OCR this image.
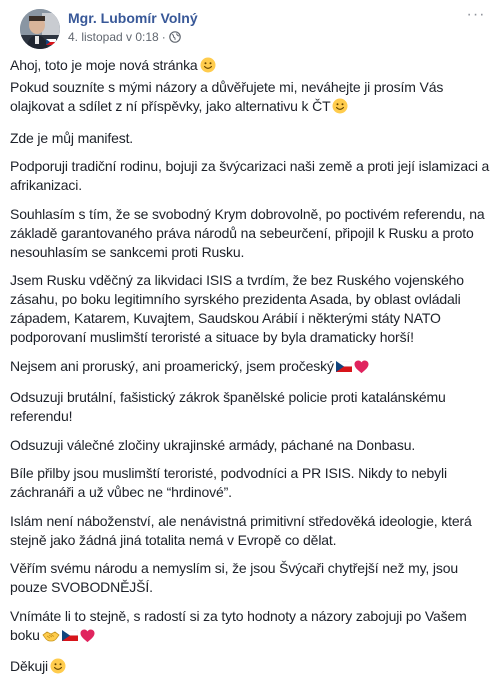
Mgr. Lubomír Volný
4. listopad v 0:18 ·
···

Ahoj, toto je moje nová stránka
Pokud souzníte s mými názory a důvěřujete mi, neváhejte ji prosím Vás olajkovat a sdílet z ní příspěvky, jako alternativu k ČT

Zde je můj manifest.

Podporuji tradiční rodinu, bojuji za švýcarizaci naši země a proti její islamizaci a afrikanizaci.

Souhlasím s tím, že se svobodný Krym dobrovolně, po poctivém referendu, na základě garantovaného práva národů na sebeurčení, připojil k Rusku a proto nesouhlasím se sankcemi proti Rusku.

Jsem Rusku vděčný za likvidaci ISIS a tvrdím, že bez Ruského vojenského zásahu, po boku legitimního syrského prezidenta Asada, by oblast ovládali západem, Katarem, Kuvajtem, Saudskou Arábií i některými státy NATO podporovaní muslimští teroristé a situace by byla dramaticky horší!

Nejsem ani proruský, ani proamerický, jsem pročeský

Odsuzuji brutální, fašistický zákrok španělské policie proti katalánskému referendu!

Odsuzuji válečné zločiny ukrajinské armády, páchané na Donbasu.

Bíle přilby jsou muslimští teroristé, podvodníci a PR ISIS. Nikdy to nebyli záchranáři a už vůbec ne “hrdinové”.

Islám není náboženství, ale nenávistná primitivní středověká ideologie, která stejně jako žádná jiná totalita nemá v Evropě co dělat.

Věřím svému národu a nemyslím si, že jsou Švýcaři chytřejší než my, jsou pouze SVOBODNĚJŠÍ.

Vnímáte li to stejně, s radostí si za tyto hodnoty a názory zabojuji po Vašem boku

Děkuji
